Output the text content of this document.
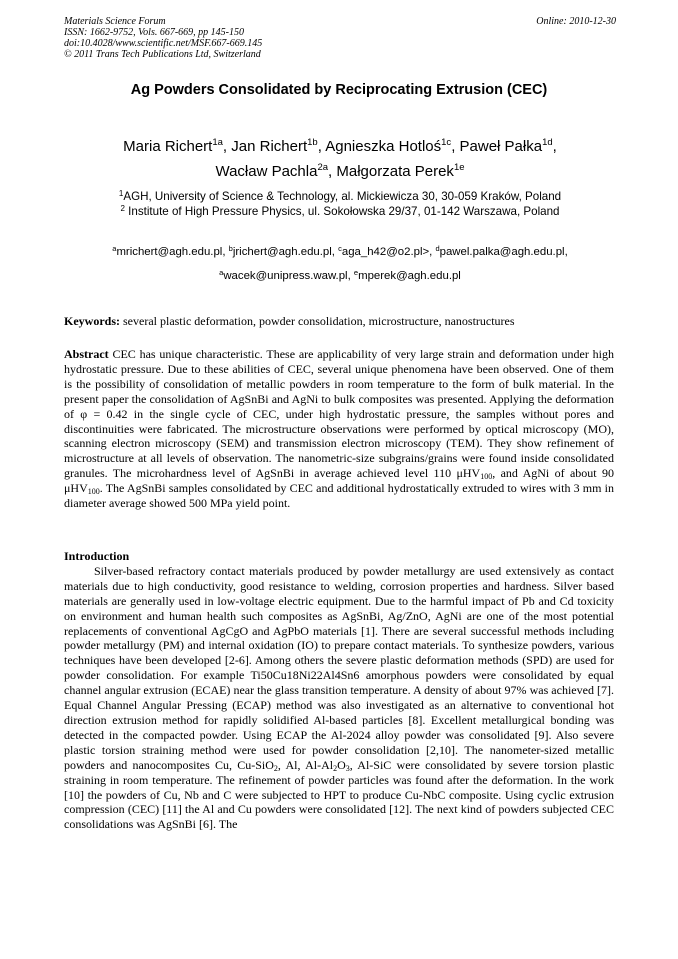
Materials Science Forum
ISSN: 1662-9752, Vols. 667-669, pp 145-150
doi:10.4028/www.scientific.net/MSF.667-669.145
© 2011 Trans Tech Publications Ltd, Switzerland
Online: 2010-12-30
Ag Powders Consolidated by Reciprocating Extrusion (CEC)
Maria Richert$^{1a}$, Jan Richert$^{1b}$, Agnieszka Hotloś$^{1c}$, Paweł Pałka$^{1d}$,
Wacław Pachla$^{2a}$, Małgorzata Perek$^{1e}$
$^1$AGH, University of Science & Technology, al. Mickiewicza 30, 30-059 Kraków, Poland
$^2$ Institute of High Pressure Physics, ul. Sokołowska 29/37, 01-142 Warszawa, Poland
$^a$mrichert@agh.edu.pl, $^b$jrichert@agh.edu.pl, $^c$aga_h42@o2.pl>, $^d$pawel.palka@agh.edu.pl,
$^a$wacek@unipress.waw.pl, $^e$mperek@agh.edu.pl

Keywords: several plastic deformation, powder consolidation, microstructure, nanostructures

Abstract CEC has unique characteristic. These are applicability of very large strain and deformation under high hydrostatic pressure. Due to these abilities of CEC, several unique phenomena have been observed. One of them is the possibility of consolidation of metallic powders in room temperature to the form of bulk material. In the present paper the consolidation of AgSnBi and AgNi to bulk composites was presented. Applying the deformation of φ = 0.42 in the single cycle of CEC, under high hydrostatic pressure, the samples without pores and discontinuities were fabricated. The microstructure observations were performed by optical microscopy (MO), scanning electron microscopy (SEM) and transmission electron microscopy (TEM). They show refinement of microstructure at all levels of observation. The nanometric-size subgrains/grains were found inside consolidated granules. The microhardness level of AgSnBi in average achieved level 110 μHV$_{100}$, and AgNi of about 90 μHV$_{100}$. The AgSnBi samples consolidated by CEC and additional hydrostatically extruded to wires with 3 mm in diameter average showed 500 MPa yield point.

Introduction

Silver-based refractory contact materials produced by powder metallurgy are used extensively as contact materials due to high conductivity, good resistance to welding, corrosion properties and hardness. Silver based materials are generally used in low-voltage electric equipment. Due to the harmful impact of Pb and Cd toxicity on environment and human health such composites as AgSnBi, Ag/ZnO, AgNi are one of the most potential replacements of conventional AgCgO and AgPbO materials [1]. There are several successful methods including powder metallurgy (PM) and internal oxidation (IO) to prepare contact materials. To synthesize powders, various techniques have been developed [2-6]. Among others the severe plastic deformation methods (SPD) are used for powder consolidation. For example Ti50Cu18Ni22Al4Sn6 amorphous powders were consolidated by equal channel angular extrusion (ECAE) near the glass transition temperature. A density of about 97% was achieved [7]. Equal Channel Angular Pressing (ECAP) method was also investigated as an alternative to conventional hot direction extrusion method for rapidly solidified Al-based particles [8]. Excellent metallurgical bonding was detected in the compacted powder. Using ECAP the Al-2024 alloy powder was consolidated [9]. Also severe plastic torsion straining method were used for powder consolidation [2,10]. The nanometer-sized metallic powders and nanocomposites Cu, Cu-SiO$_2$, Al, $Al-Al_2O_3$, Al-SiC were consolidated by severe torsion plastic straining in room temperature. The refinement of powder particles was found after the deformation. In the work [10] the powders of Cu, Nb and C were subjected to HPT to produce Cu-NbC composite. Using cyclic extrusion compression (CEC) [11] the Al and Cu powders were consolidated [12]. The next kind of powders subjected CEC consolidations was AgSnBi [6]. The
